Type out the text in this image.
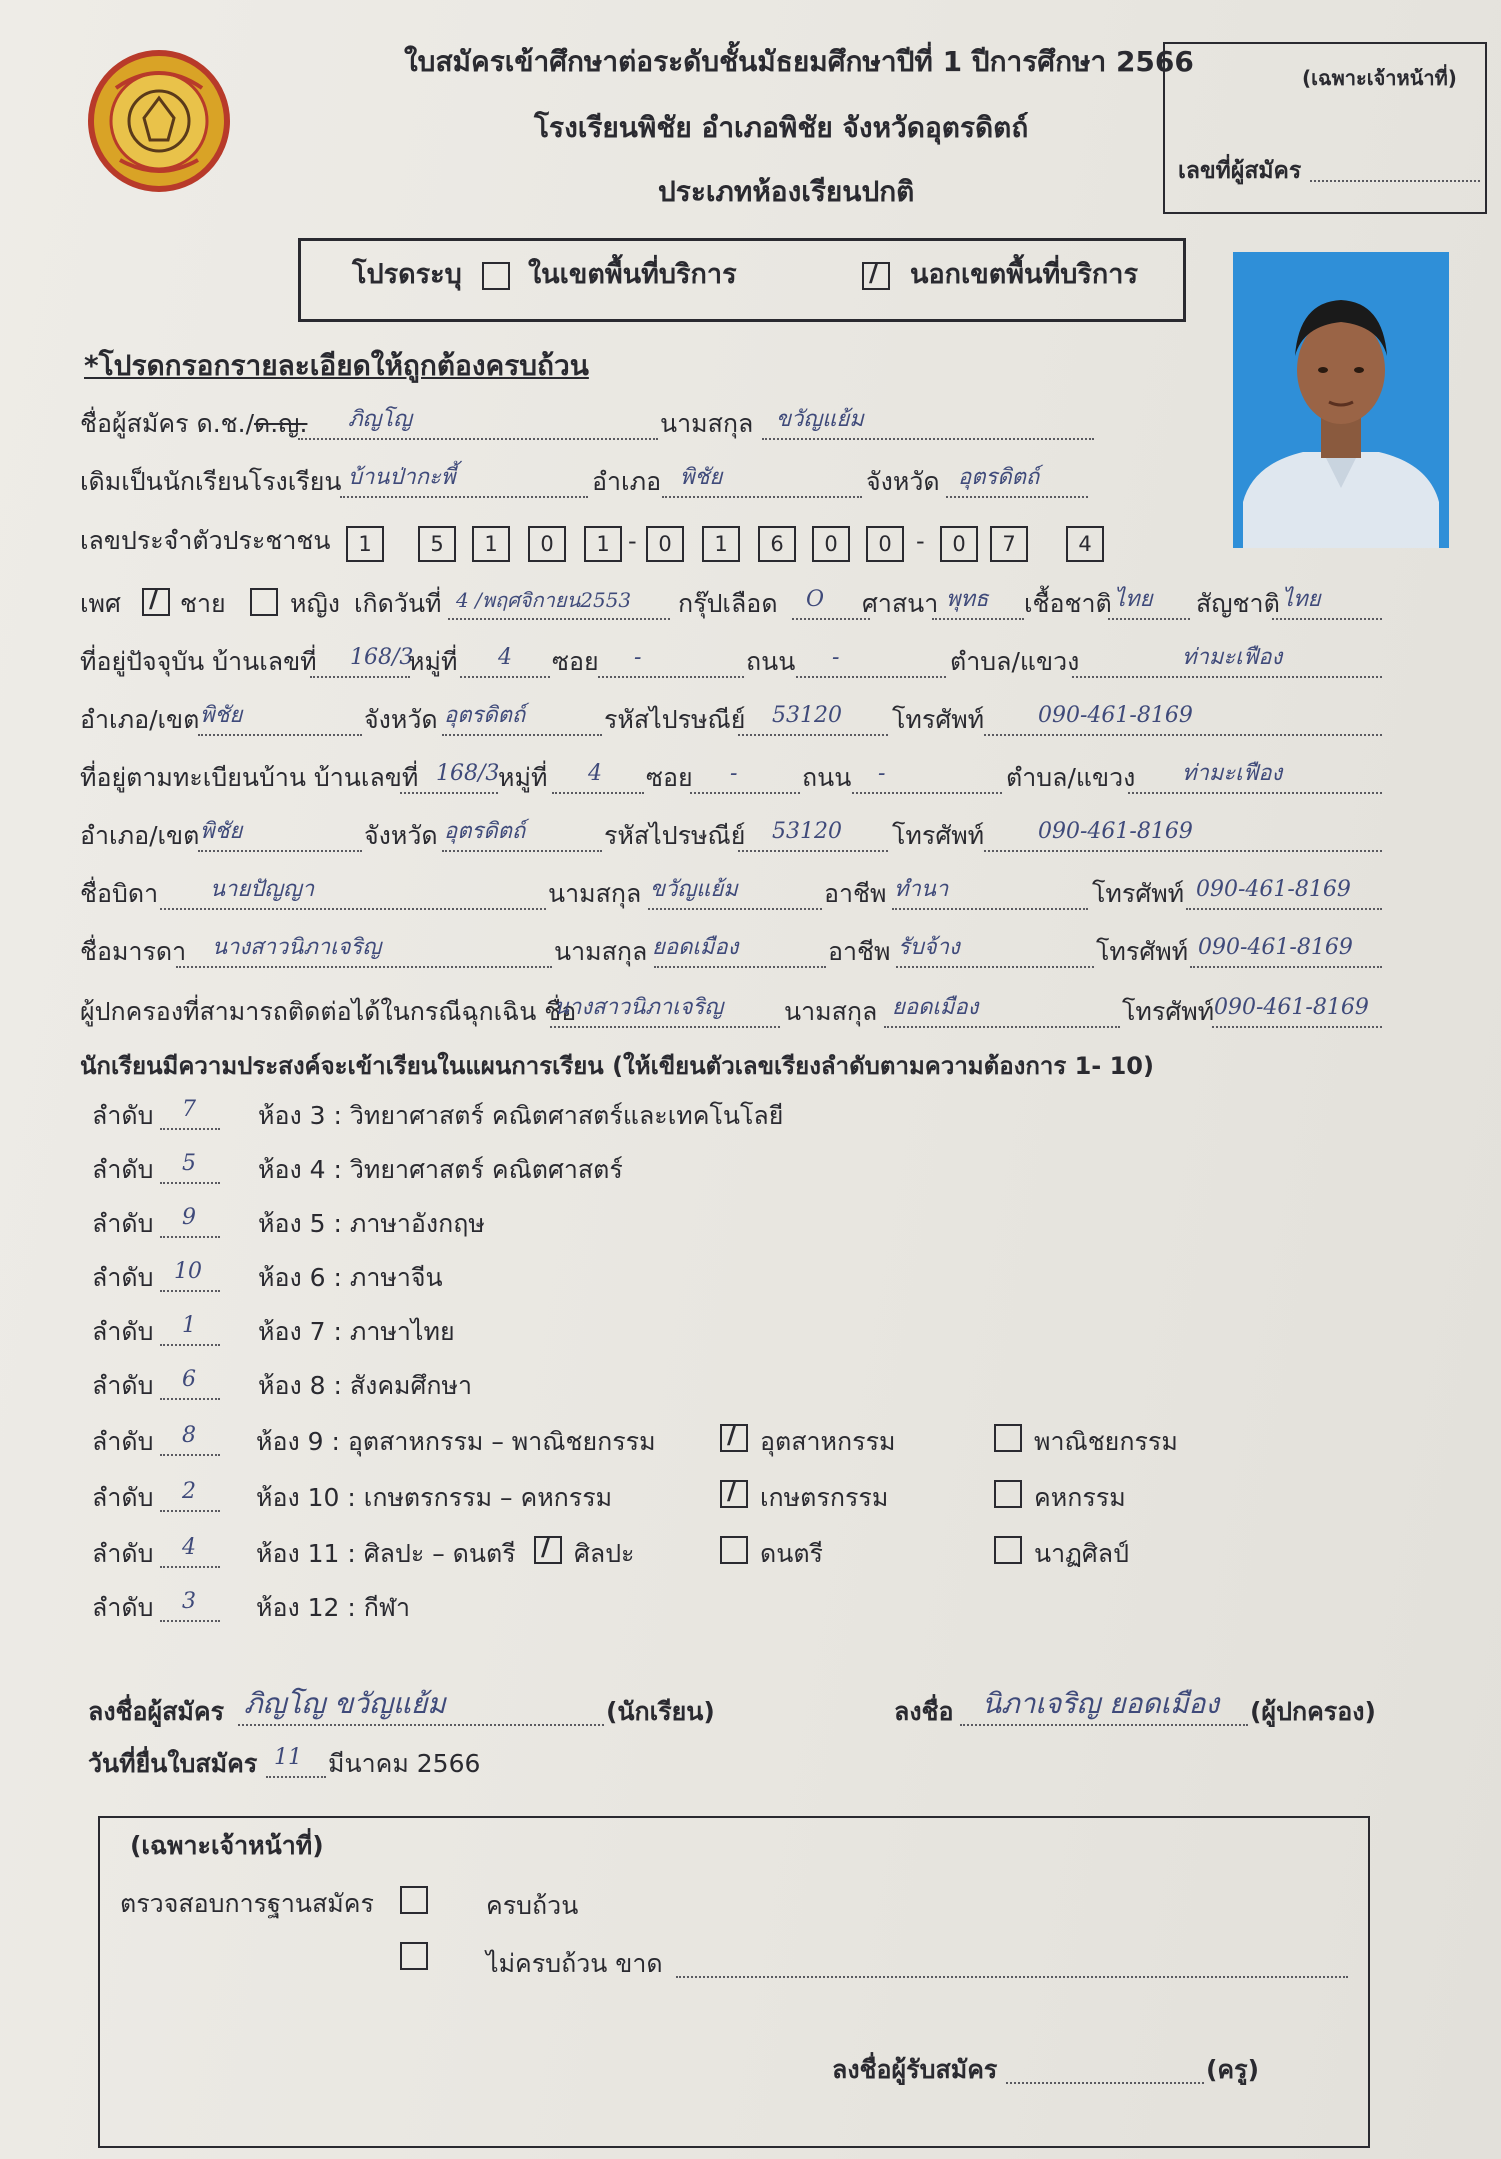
ใบสมัครเข้าศึกษาต่อระดับชั้นมัธยมศึกษาปีที่ 1 ปีการศึกษา 2566
โรงเรียนพิชัย อำเภอพิชัย จังหวัดอุตรดิตถ์
ประเภทห้องเรียนปกติ
(เฉพาะเจ้าหน้าที่)
เลขที่ผู้สมัคร
โปรดระบุ ในเขตพื้นที่บริการ /	นอกเขตพื้นที่บริการ
*โปรดกรอกรายละเอียดให้ถูกต้องครบถ้วน
ชื่อผู้สมัคร ด.ช./ด.ญ. ภิญโญ	นามสกุล ขวัญแย้ม
เดิมเป็นนักเรียนโรงเรียน บ้านป่ากะพี้	อำเภอ พิชัย	จังหวัด อุตรดิตถ์
เลขประจำตัวประชาชน	1	5	1	0	1 -	0	1	6	0	0	-	0	7	4
เพศ / ชาย	หญิง เกิดวันที่ 4 /พฤศจิกายน2553 กรุ๊ปเลือด O ศาสนา พุทธ เชื้อชาติ ไทย สัญชาติ ไทย
ที่อยู่ปัจจุบัน บ้านเลขที่ 168/3
หมู่ที่ 4 ซอย -	ถนน -	ตำบล/แขวง	ท่ามะเฟือง
อำเภอ/เขต พิชัย	จังหวัด อุตรดิตถ์	รหัสไปรษณีย์ 53120 โทรศัพท์ 090-461-8169
ที่อยู่ตามทะเบียนบ้าน บ้านเลขที่ 168/3
หมู่ที่ 4 ซอย -	ถนน -	ตำบล/แขวง ท่ามะเฟือง
อำเภอ/เขต พิชัย	จังหวัด อุตรดิตถ์	รหัสไปรษณีย์ 53120 โทรศัพท์ 090-461-8169
ชื่อบิดา นายปัญญา	นามสกุล ขวัญแย้ม	อาชีพ ทำนา	โทรศัพท์ 090-461-8169
ชื่อมารดา นางสาวนิภาเจริญ	นามสกุล ยอดเมือง	อาชีพ รับจ้าง	โทรศัพท์ 090-461-8169
ผู้ปกครองที่สามารถติดต่อได้ในกรณีฉุกเฉิน ชื่อ
นางสาวนิภาเจริญ นามสกุล ยอดเมือง	โทรศัพท์ 090-461-8169
นักเรียนมีความประสงค์จะเข้าเรียนในแผนการเรียน (ให้เขียนตัวเลขเรียงลำดับตามความต้องการ 1- 10)
ลำดับ 7 ห้อง 3 : วิทยาศาสตร์ คณิตศาสตร์และเทคโนโลยี
ลำดับ 5 ห้อง 4 : วิทยาศาสตร์ คณิตศาสตร์
ลำดับ 9 ห้อง 5 : ภาษาอังกฤษ
ลำดับ 10 ห้อง 6 : ภาษาจีน
ลำดับ 1 ห้อง 7 : ภาษาไทย
ลำดับ 6 ห้อง 8 : สังคมศึกษา
ลำดับ 8 ห้อง 9 : อุตสาหกรรม – พาณิชยกรรม /	อุตสาหกรรม	พาณิชยกรรม
ลำดับ 2 ห้อง 10 : เกษตรกรรม – คหกรรม /	เกษตรกรรม	คหกรรม
ลำดับ 4 ห้อง 11 : ศิลปะ – ดนตรี / ศิลปะ	ดนตรี	นาฏศิลป์
ลำดับ 3 ห้อง 12 : กีฬา
ลงชื่อผู้สมัคร ภิญโญ ขวัญแย้ม	(นักเรียน)	ลงชื่อ นิภาเจริญ ยอดเมือง (ผู้ปกครอง)
วันที่ยื่นใบสมัคร 11 มีนาคม 2566
(เฉพาะเจ้าหน้าที่)
ตรวจสอบการฐานสมัคร	ครบถ้วน
ไม่ครบถ้วน ขาด
ลงชื่อผู้รับสมัคร	(ครู)
